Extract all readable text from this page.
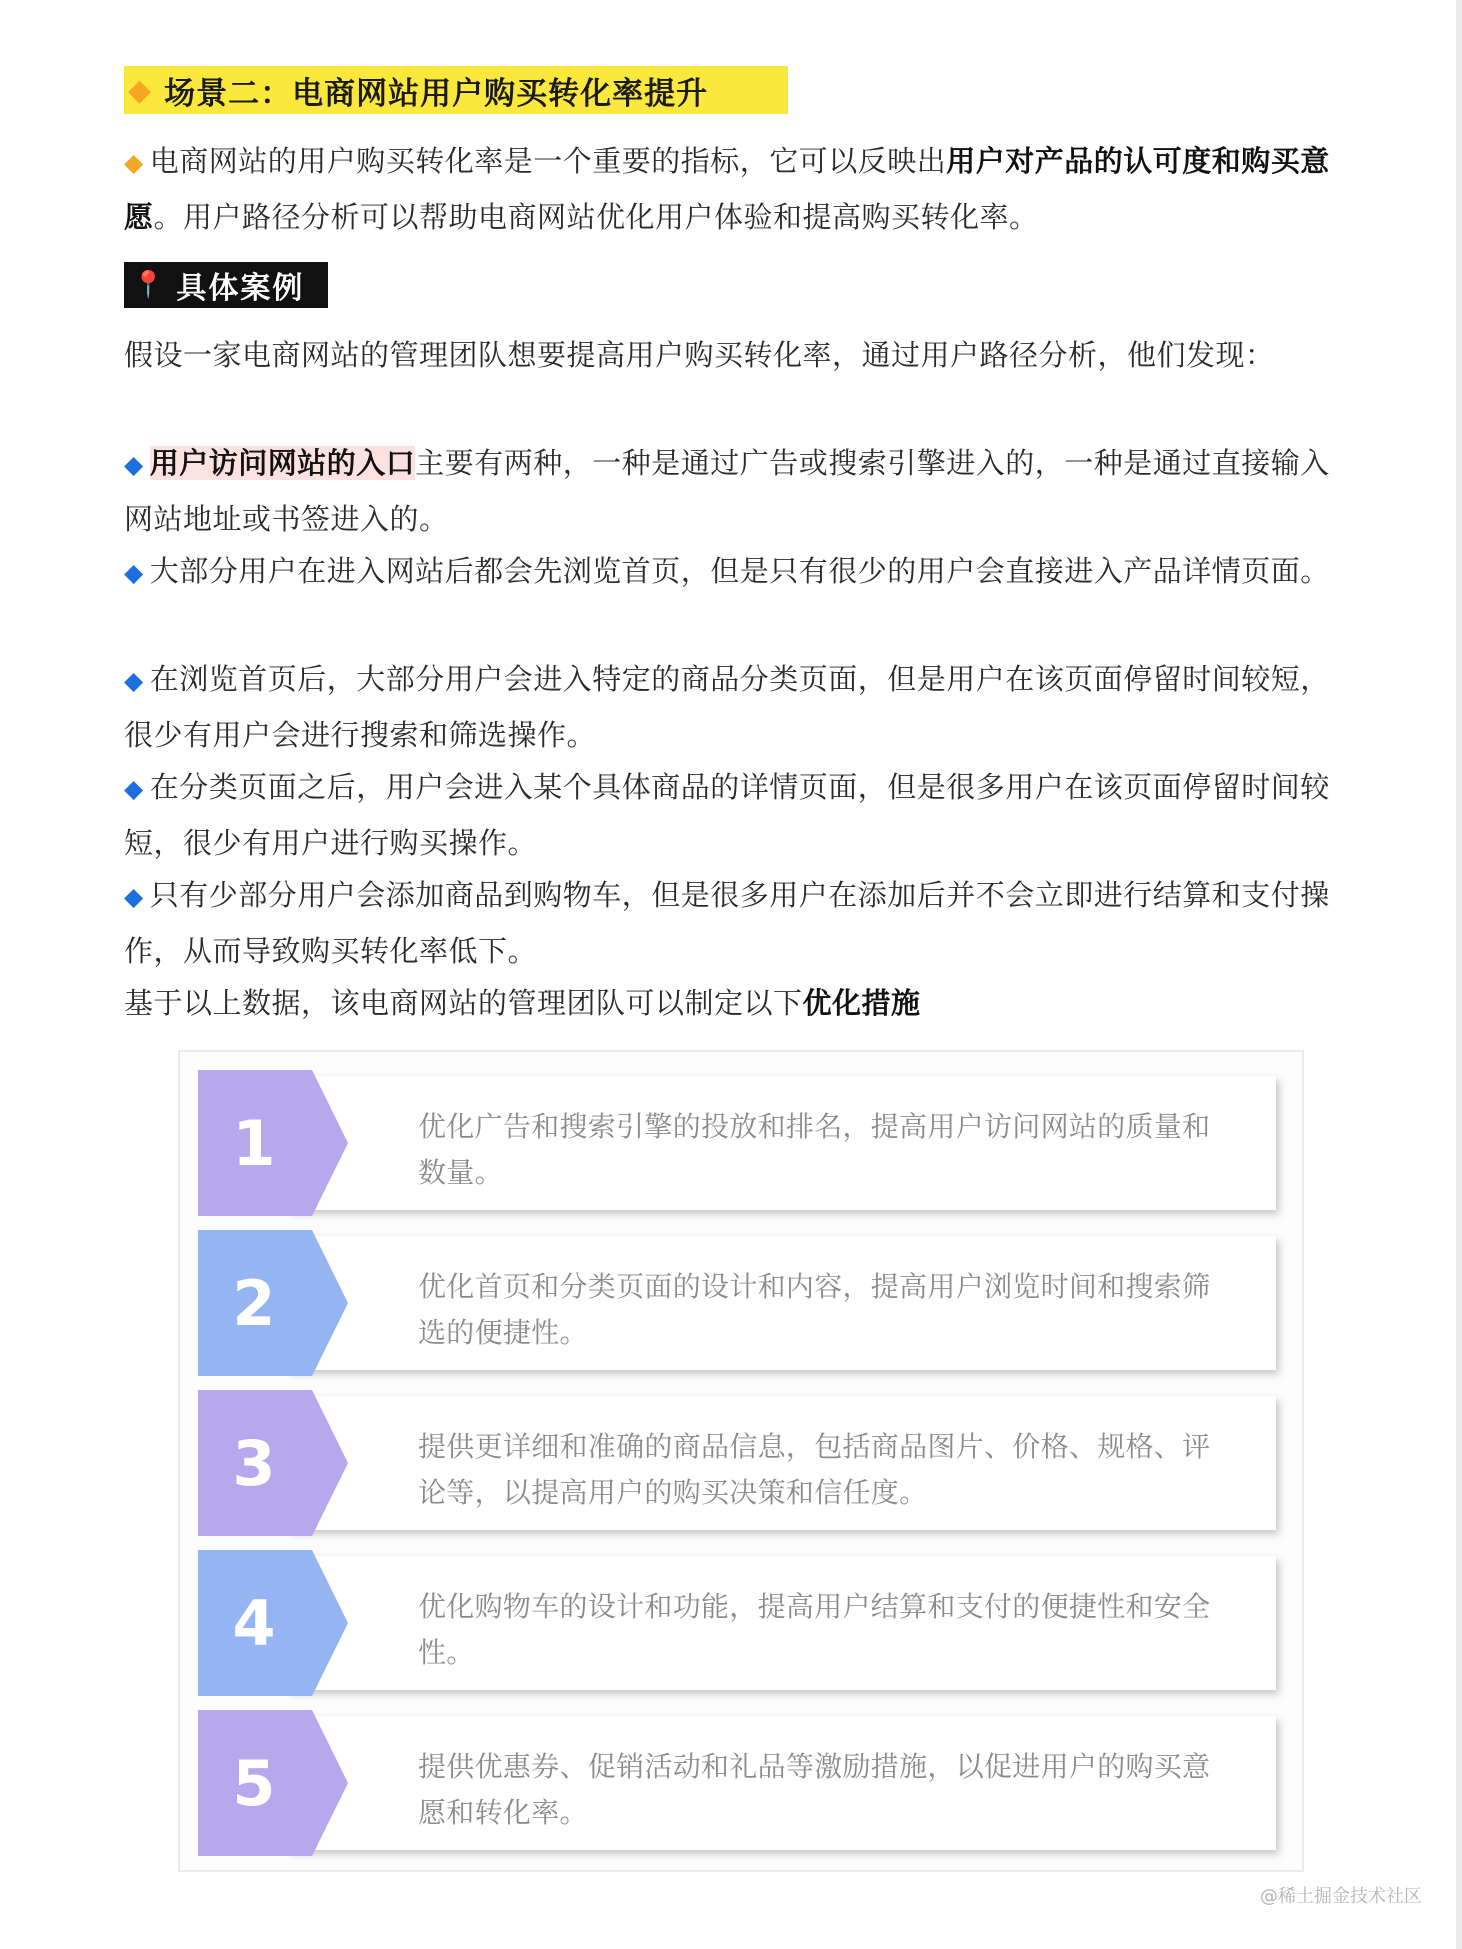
◆ 场景二：电商网站用户购买转化率提升
◆ 电商网站的用户购买转化率是一个重要的指标，它可以反映出用户对产品的认可度和购买意愿。用户路径分析可以帮助电商网站优化用户体验和提高购买转化率。
📍 具体案例
假设一家电商网站的管理团队想要提高用户购买转化率，通过用户路径分析，他们发现：
◆ 用户访问网站的入口主要有两种，一种是通过广告或搜索引擎进入的，一种是通过直接输入网站地址或书签进入的。
◆ 大部分用户在进入网站后都会先浏览首页，但是只有很少的用户会直接进入产品详情页面。
◆ 在浏览首页后，大部分用户会进入特定的商品分类页面，但是用户在该页面停留时间较短，很少有用户会进行搜索和筛选操作。
◆ 在分类页面之后，用户会进入某个具体商品的详情页面，但是很多用户在该页面停留时间较短，很少有用户进行购买操作。
◆ 只有少部分用户会添加商品到购物车，但是很多用户在添加后并不会立即进行结算和支付操作，从而导致购买转化率低下。
基于以上数据，该电商网站的管理团队可以制定以下优化措施
1	优化广告和搜索引擎的投放和排名，提高用户访问网站的质量和数量。
2	优化首页和分类页面的设计和内容，提高用户浏览时间和搜索筛选的便捷性。
3	提供更详细和准确的商品信息，包括商品图片、价格、规格、评论等，以提高用户的购买决策和信任度。
4	优化购物车的设计和功能，提高用户结算和支付的便捷性和安全性。
5	提供优惠券、促销活动和礼品等激励措施，以促进用户的购买意愿和转化率。
@稀土掘金技术社区
